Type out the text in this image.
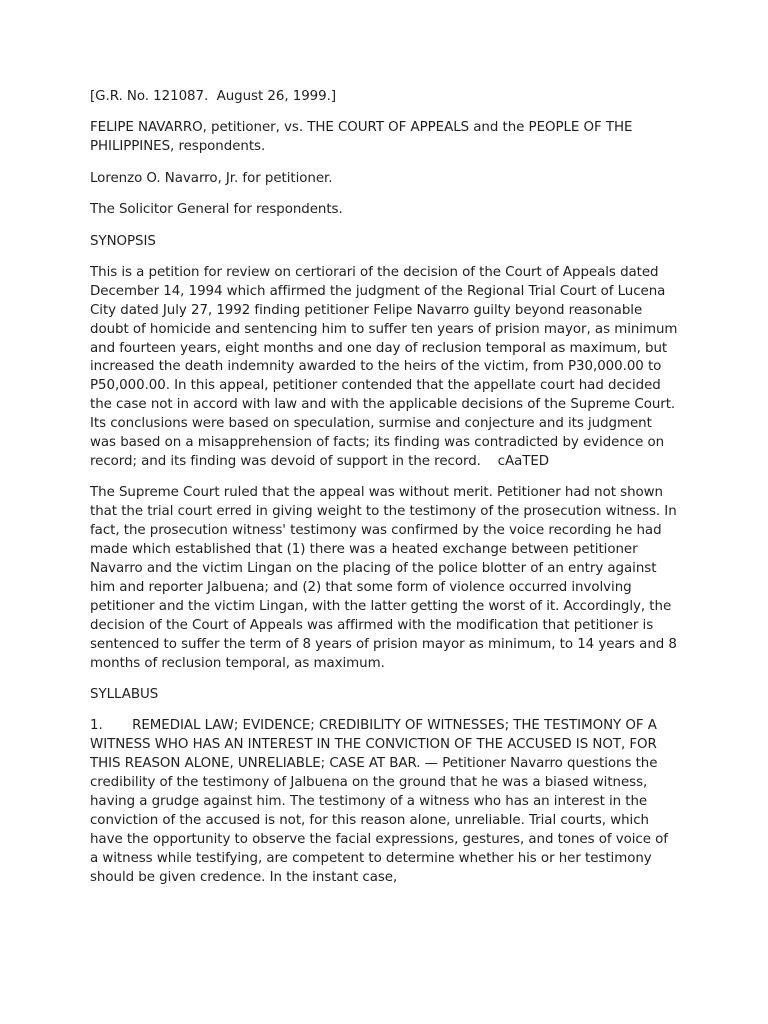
[G.R. No. 121087.  August 26, 1999.]

FELIPE NAVARRO, petitioner, vs. THE COURT OF APPEALS and the PEOPLE OF THE PHILIPPINES, respondents.

Lorenzo O. Navarro, Jr. for petitioner.

The Solicitor General for respondents.

SYNOPSIS

This is a petition for review on certiorari of the decision of the Court of Appeals dated December 14, 1994 which affirmed the judgment of the Regional Trial Court of Lucena City dated July 27, 1992 finding petitioner Felipe Navarro guilty beyond reasonable doubt of homicide and sentencing him to suffer ten years of prision mayor, as minimum and fourteen years, eight months and one day of reclusion temporal as maximum, but increased the death indemnity awarded to the heirs of the victim, from P30,000.00 to P50,000.00. In this appeal, petitioner contended that the appellate court had decided the case not in accord with law and with the applicable decisions of the Supreme Court. Its conclusions were based on speculation, surmise and conjecture and its judgment was based on a misapprehension of facts; its finding was contradicted by evidence on record; and its finding was devoid of support in the record.    cAaTED

The Supreme Court ruled that the appeal was without merit. Petitioner had not shown that the trial court erred in giving weight to the testimony of the prosecution witness. In fact, the prosecution witness' testimony was confirmed by the voice recording he had made which established that (1) there was a heated exchange between petitioner Navarro and the victim Lingan on the placing of the police blotter of an entry against him and reporter Jalbuena; and (2) that some form of violence occurred involving petitioner and the victim Lingan, with the latter getting the worst of it. Accordingly, the decision of the Court of Appeals was affirmed with the modification that petitioner is sentenced to suffer the term of 8 years of prision mayor as minimum, to 14 years and 8 months of reclusion temporal, as maximum.

SYLLABUS

1.       REMEDIAL LAW; EVIDENCE; CREDIBILITY OF WITNESSES; THE TESTIMONY OF A WITNESS WHO HAS AN INTEREST IN THE CONVICTION OF THE ACCUSED IS NOT, FOR THIS REASON ALONE, UNRELIABLE; CASE AT BAR. — Petitioner Navarro questions the credibility of the testimony of Jalbuena on the ground that he was a biased witness, having a grudge against him. The testimony of a witness who has an interest in the conviction of the accused is not, for this reason alone, unreliable. Trial courts, which have the opportunity to observe the facial expressions, gestures, and tones of voice of a witness while testifying, are competent to determine whether his or her testimony should be given credence. In the instant case,
